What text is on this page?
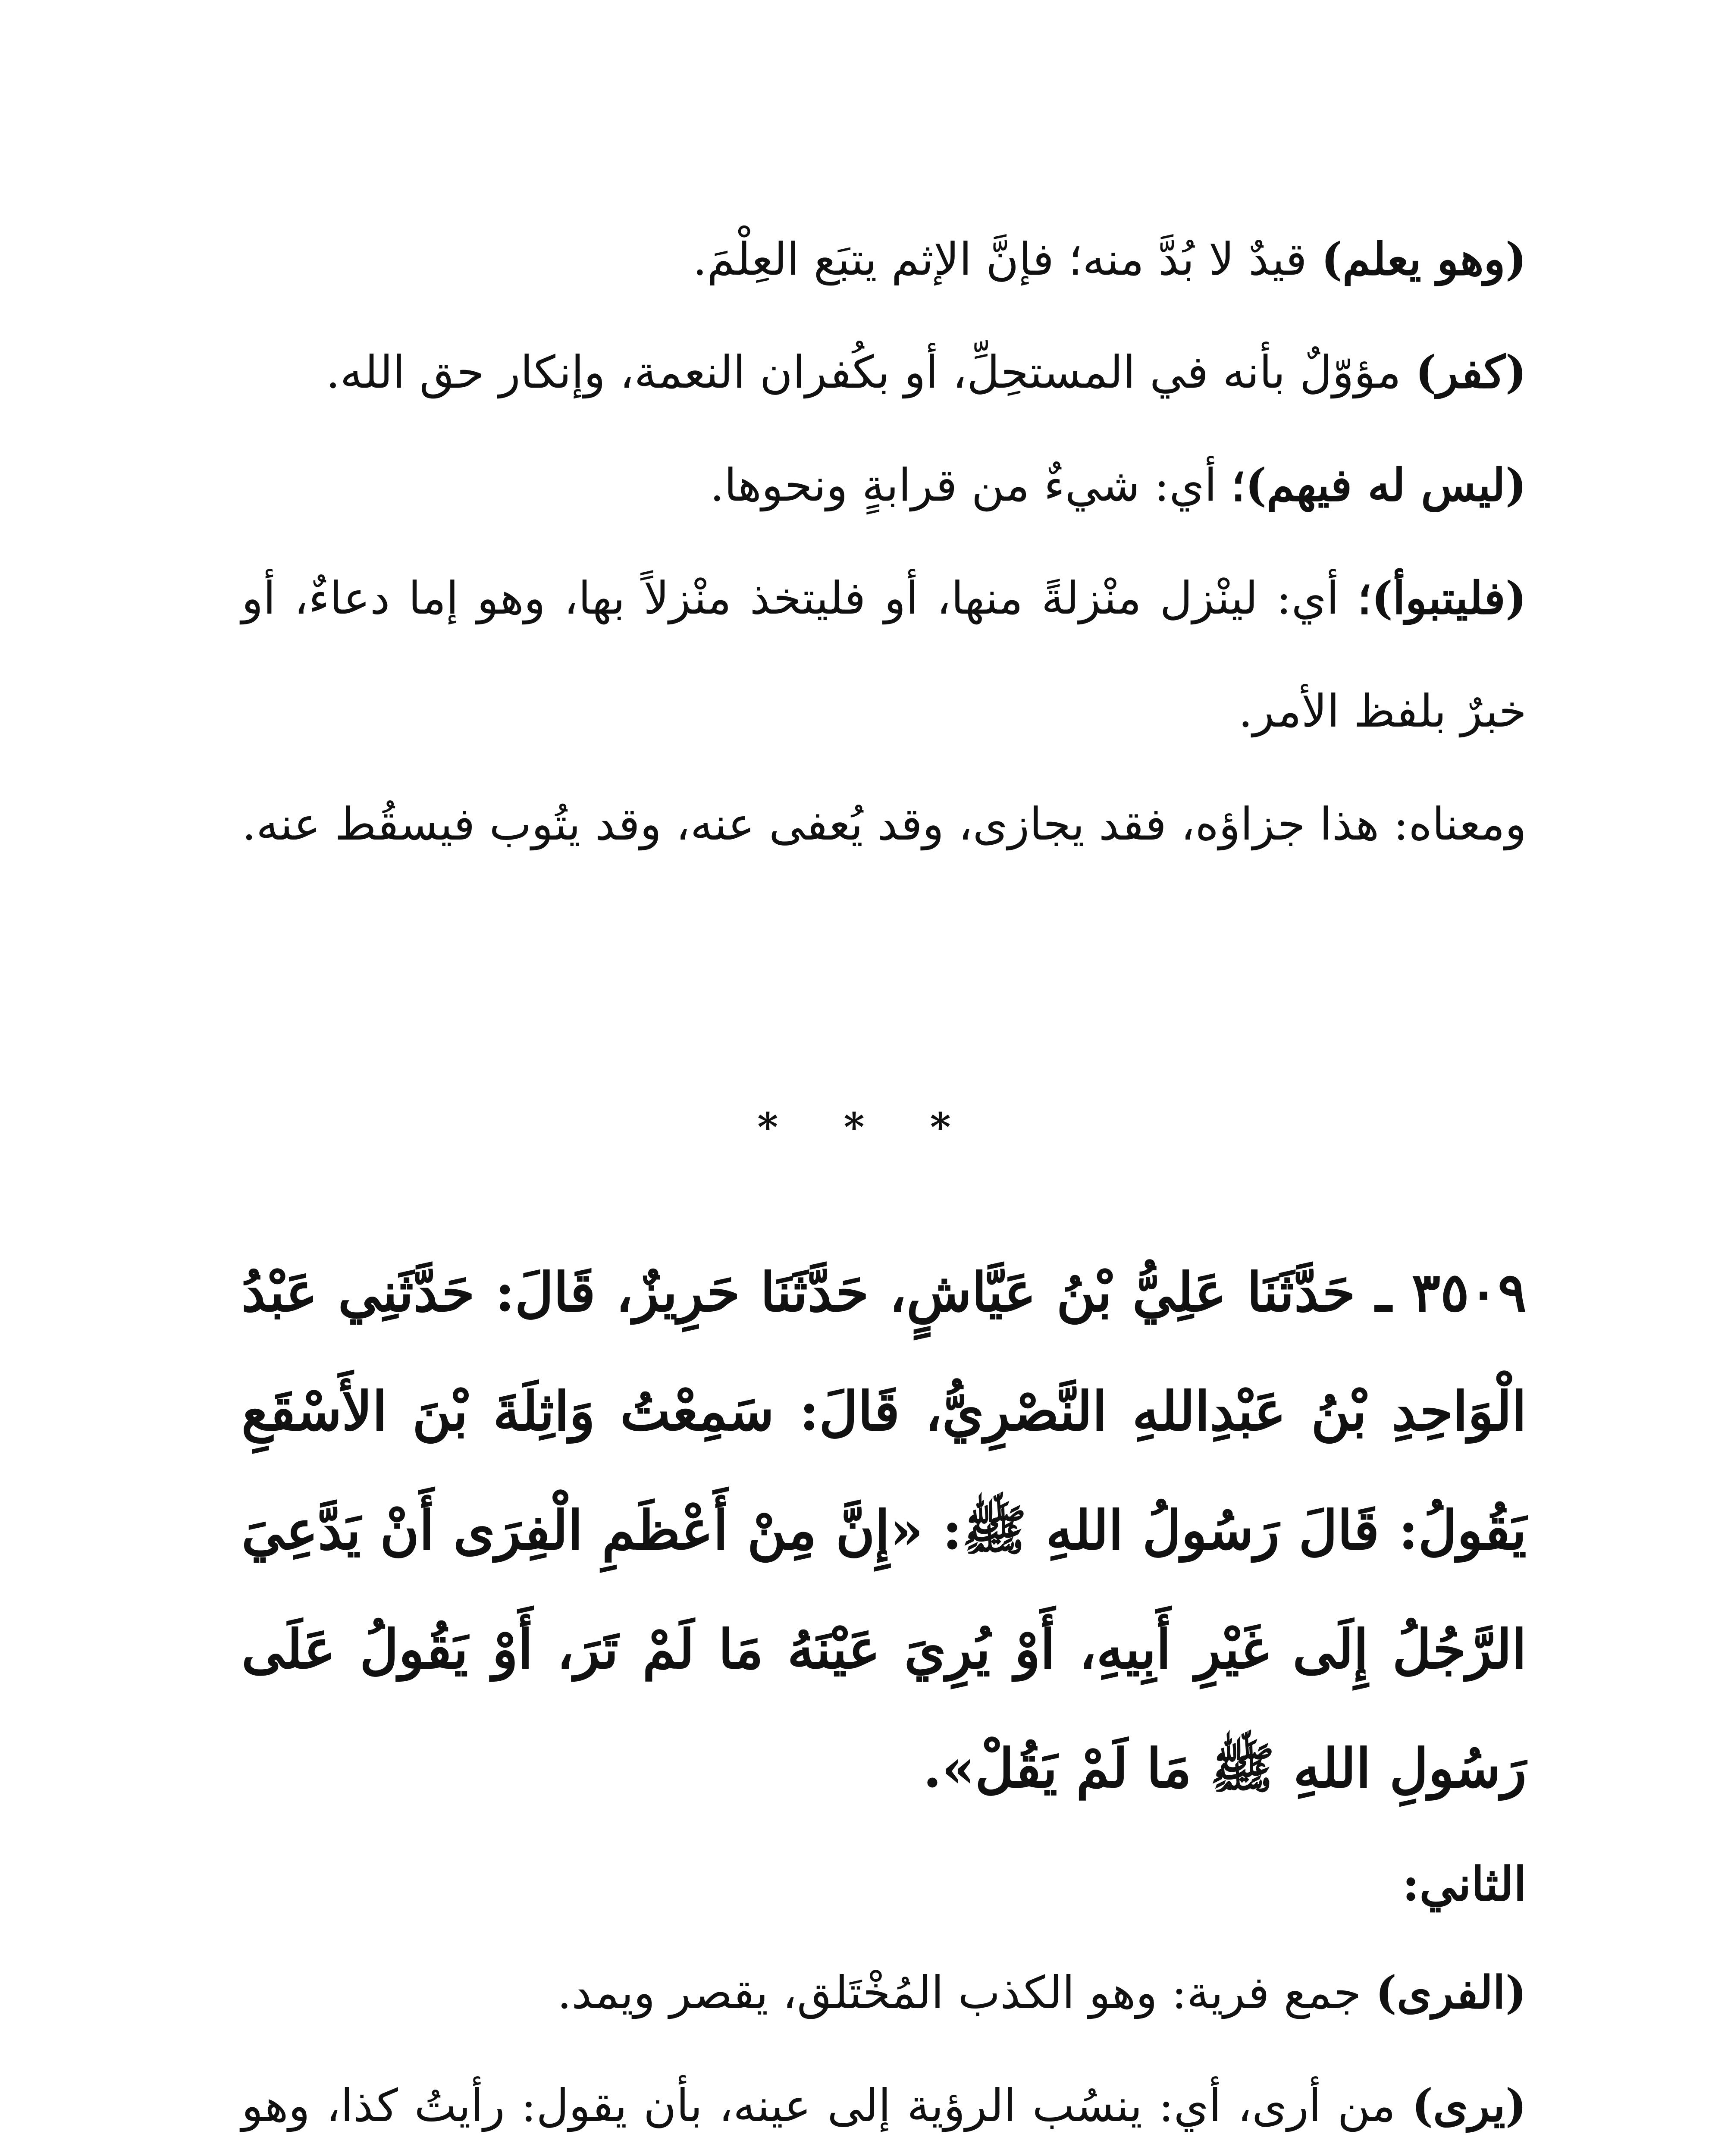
(وهو يعلم) قيدٌ لا بُدَّ منه؛ فإنَّ الإثم يتبَع العِلْمَ.

(كفر) مؤوّلٌ بأنه في المستحِلِّ، أو بكُفران النعمة، وإنكار حق الله.

(ليس له فيهم)؛ أي: شيءٌ من قرابةٍ ونحوها.

(فليتبوأ)؛ أي: لينْزل منْزلةً منها، أو فليتخذ منْزلاً بها، وهو إما دعاءٌ، أو خبرٌ بلفظ الأمر.

ومعناه: هذا جزاؤه، فقد يجازى، وقد يُعفى عنه، وقد يتُوب فيسقُط عنه.

* * *

٣٥٠٩ ـ حَدَّثَنَا عَلِيُّ بْنُ عَيَّاشٍ، حَدَّثَنَا حَرِيزٌ، قَالَ: حَدَّثَنِي عَبْدُ الْوَاحِدِ بْنُ عَبْدِاللهِ النَّصْرِيُّ، قَالَ: سَمِعْتُ وَاثِلَةَ بْنَ الأَسْقَعِ يَقُولُ: قَالَ رَسُولُ اللهِ ﷺ: «إِنَّ مِنْ أَعْظَمِ الْفِرَى أَنْ يَدَّعِيَ الرَّجُلُ إِلَى غَيْرِ أَبِيهِ، أَوْ يُرِيَ عَيْنَهُ مَا لَمْ تَرَ، أَوْ يَقُولُ عَلَى رَسُولِ اللهِ ﷺ مَا لَمْ يَقُلْ».

الثاني:

(الفرى) جمع فرية: وهو الكذب المُخْتَلق، يقصر ويمد.

(يرى) من أرى، أي: ينسُب الرؤية إلى عينه، بأن يقول: رأيتُ كذا، وهو
